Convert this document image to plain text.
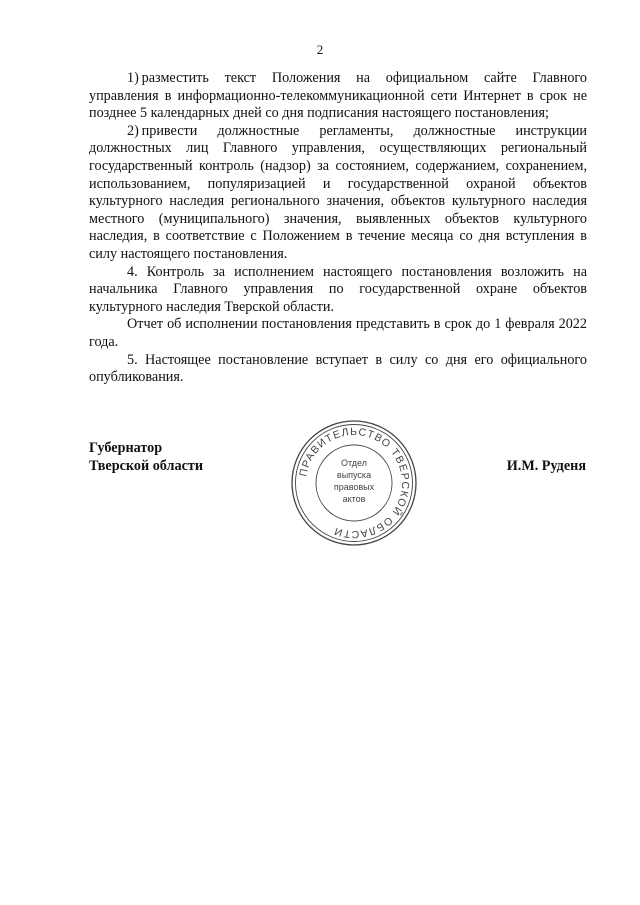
2

1) разместить текст Положения на официальном сайте Главного управления в информационно-телекоммуникационной сети Интернет в срок не позднее 5 календарных дней со дня подписания настоящего постановления;

2) привести должностные регламенты, должностные инструкции должностных лиц Главного управления, осуществляющих региональный государственный контроль (надзор) за состоянием, содержанием, сохранением, использованием, популяризацией и государственной охраной объектов культурного наследия регионального значения, объектов культурного наследия местного (муниципального) значения, выявленных объектов культурного наследия, в соответствие с Положением в течение месяца со дня вступления в силу настоящего постановления.

4. Контроль за исполнением настоящего постановления возложить на начальника Главного управления по государственной охране объектов культурного наследия Тверской области.

Отчет об исполнении постановления представить в срок до 1 февраля 2022 года.

5. Настоящее постановление вступает в силу со дня его официального опубликования.

Губернатор
Тверской области	ПРАВИТЕЛЬСТВО ТВЕРСКОЙ ОБЛАСТИ
Отдел
выпуска
правовых
актов
И.М. Руденя
